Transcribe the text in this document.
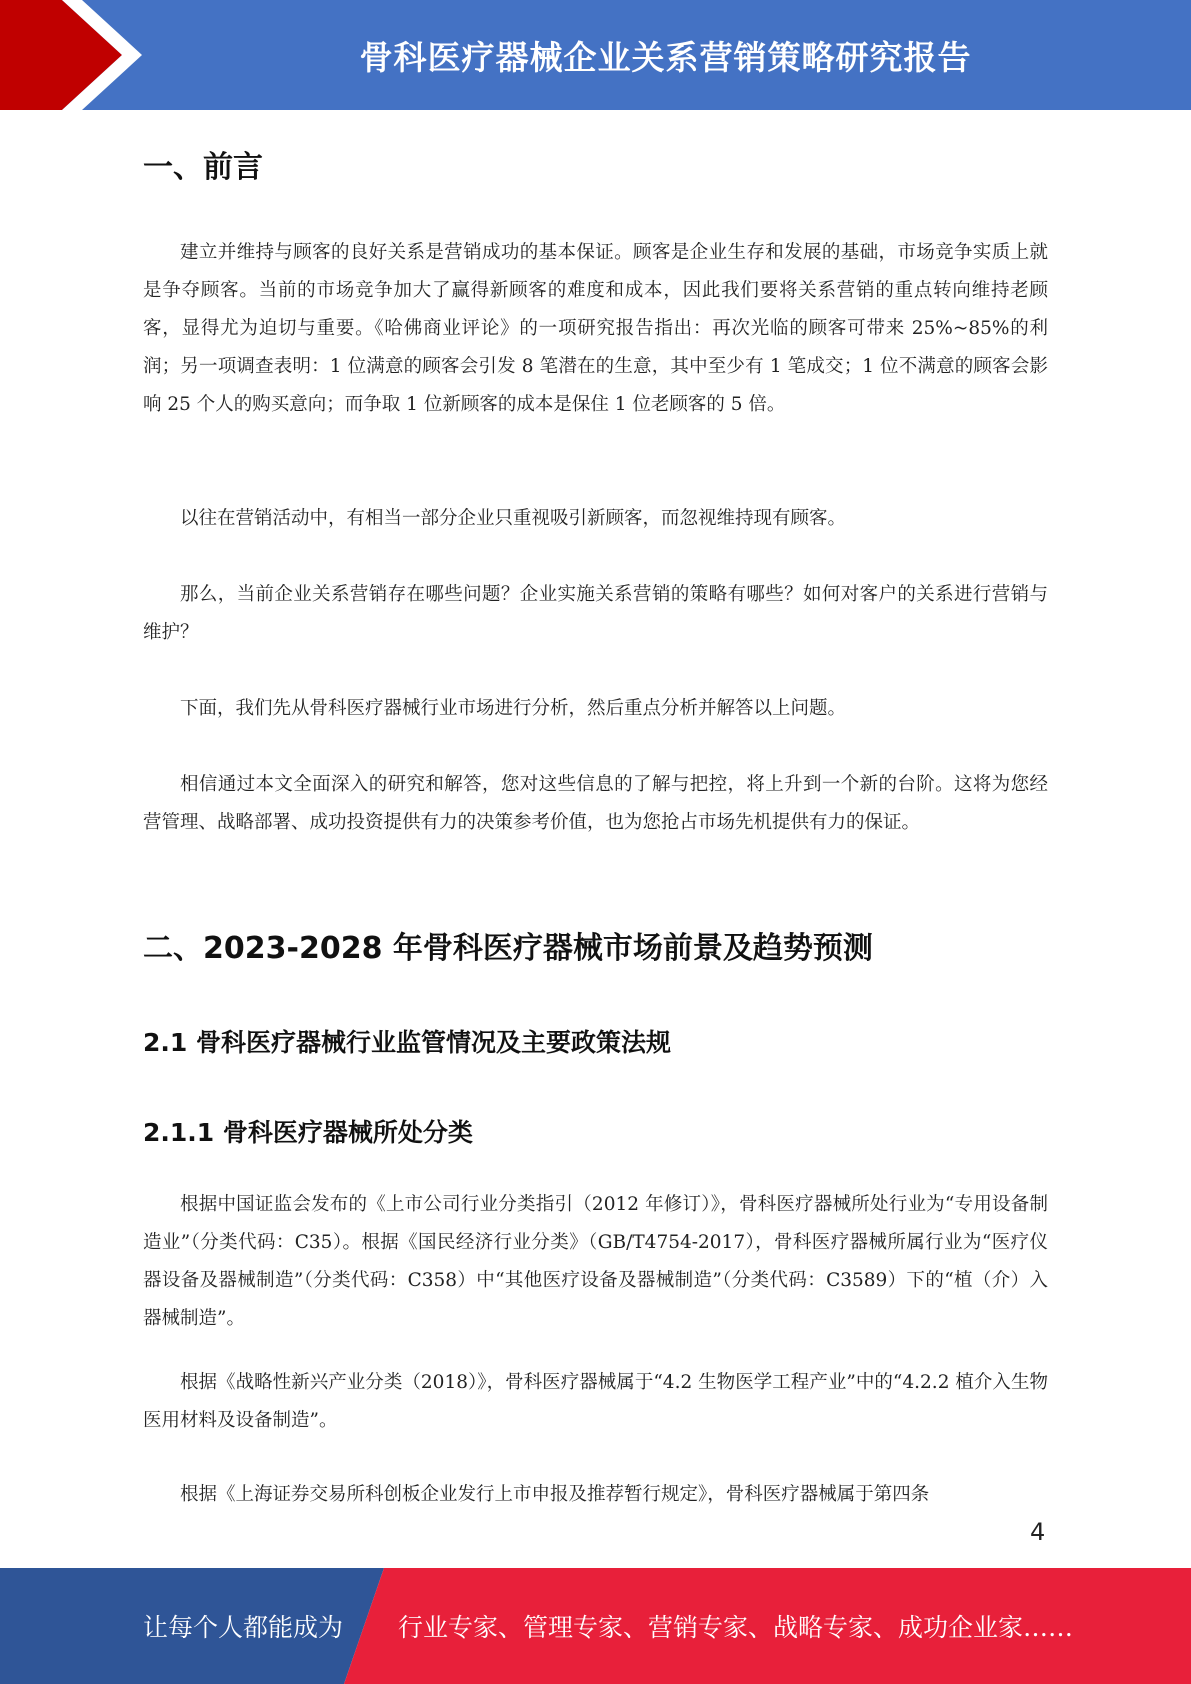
骨科医疗器械企业关系营销策略研究报告
一、前言

建立并维持与顾客的良好关系是营销成功的基本保证。顾客是企业生存和发展的基础，市场竞争实质上就是争夺顾客。当前的市场竞争加大了赢得新顾客的难度和成本，因此我们要将关系营销的重点转向维持老顾客，显得尤为迫切与重要。《哈佛商业评论》的一项研究报告指出：再次光临的顾客可带来 25%~85%的利润；另一项调查表明：1 位满意的顾客会引发 8 笔潜在的生意，其中至少有 1 笔成交；1 位不满意的顾客会影响 25 个人的购买意向；而争取 1 位新顾客的成本是保住 1 位老顾客的 5 倍。

以往在营销活动中，有相当一部分企业只重视吸引新顾客，而忽视维持现有顾客。

那么，当前企业关系营销存在哪些问题？企业实施关系营销的策略有哪些？如何对客户的关系进行营销与维护？

下面，我们先从骨科医疗器械行业市场进行分析，然后重点分析并解答以上问题。

相信通过本文全面深入的研究和解答，您对这些信息的了解与把控，将上升到一个新的台阶。这将为您经营管理、战略部署、成功投资提供有力的决策参考价值，也为您抢占市场先机提供有力的保证。

二、2023-2028 年骨科医疗器械市场前景及趋势预测
2.1 骨科医疗器械行业监管情况及主要政策法规
2.1.1 骨科医疗器械所处分类

根据中国证监会发布的《上市公司行业分类指引（2012 年修订）》，骨科医疗器械所处行业为“专用设备制造业”（分类代码：C35）。根据《国民经济行业分类》（GB/T4754-2017），骨科医疗器械所属行业为“医疗仪器设备及器械制造”（分类代码：C358）中“其他医疗设备及器械制造”（分类代码：C3589）下的“植（介）入器械制造”。

根据《战略性新兴产业分类（2018）》，骨科医疗器械属于“4.2 生物医学工程产业”中的“4.2.2 植介入生物医用材料及设备制造”。

根据《上海证券交易所科创板企业发行上市申报及推荐暂行规定》，骨科医疗器械属于第四条

4
让每个人都能成为 行业专家、管理专家、营销专家、战略专家、成功企业家……
